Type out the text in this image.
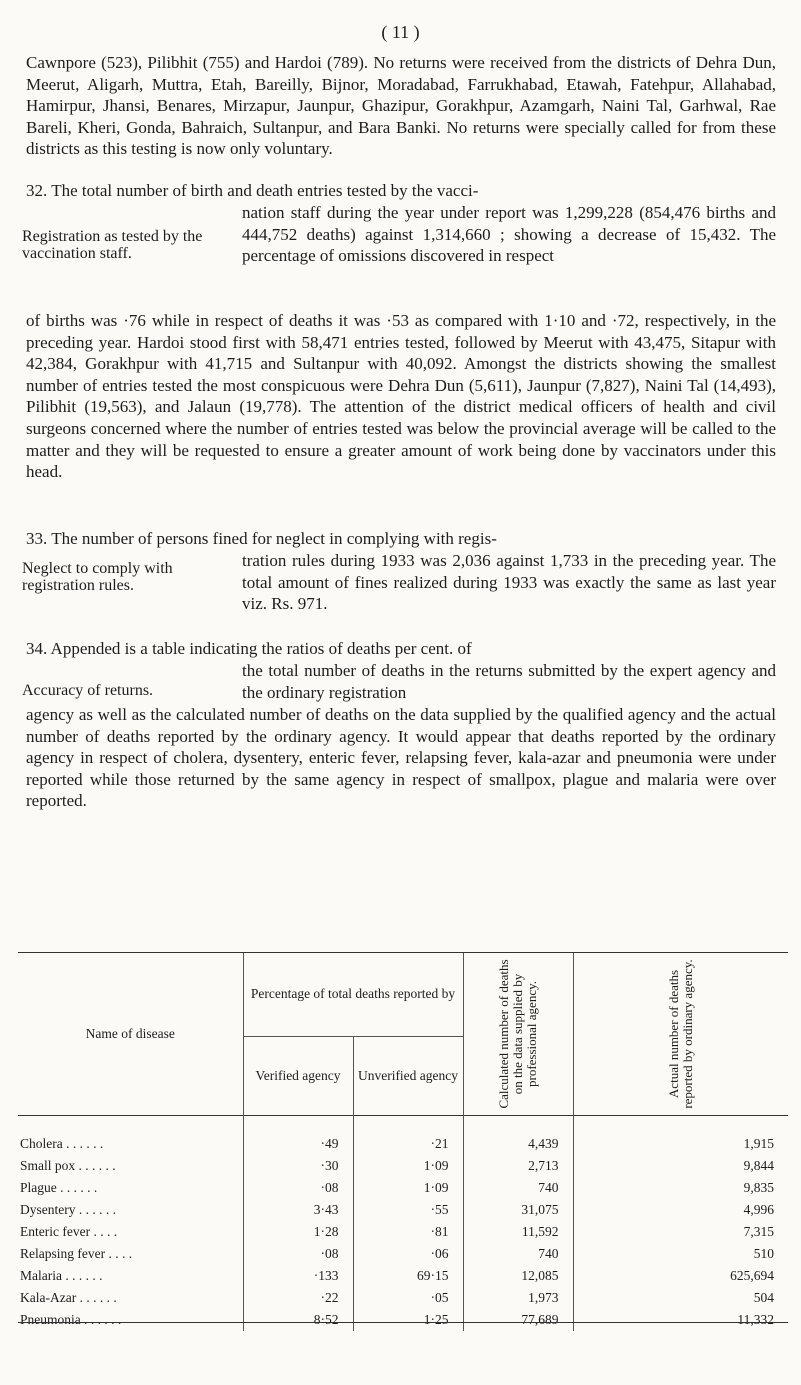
( 11 )

Cawnpore (523), Pilibhit (755) and Hardoi (789). No returns were received from the districts of Dehra Dun, Meerut, Aligarh, Muttra, Etah, Bareilly, Bijnor, Moradabad, Farrukhabad, Etawah, Fatehpur, Allahabad, Hamirpur, Jhansi, Benares, Mirzapur, Jaunpur, Ghazipur, Gorakhpur, Azamgarh, Naini Tal, Garhwal, Rae Bareli, Kheri, Gonda, Bahraich, Sultanpur, and Bara Banki. No returns were specially called for from these districts as this testing is now only voluntary.

32. The total number of birth and death entries tested by the vacci-
Registration as tested by the vaccination staff.
nation staff during the year under report was 1,299,228 (854,476 births and 444,752 deaths) against 1,314,660 ; showing a decrease of 15,432. The percentage of omissions discovered in respect
of births was ·76 while in respect of deaths it was ·53 as compared with 1·10 and ·72, respectively, in the preceding year. Hardoi stood first with 58,471 entries tested, followed by Meerut with 43,475, Sitapur with 42,384, Gorakhpur with 41,715 and Sultanpur with 40,092. Amongst the districts showing the smallest number of entries tested the most conspicuous were Dehra Dun (5,611), Jaunpur (7,827), Naini Tal (14,493), Pilibhit (19,563), and Jalaun (19,778). The attention of the district medical officers of health and civil surgeons concerned where the number of entries tested was below the provincial average will be called to the matter and they will be requested to ensure a greater amount of work being done by vaccinators under this head.
33. The number of persons fined for neglect in complying with regis-
Neglect to comply with registration rules.
tration rules during 1933 was 2,036 against 1,733 in the preceding year. The total amount of fines realized during 1933 was exactly the same as last year viz. Rs. 971.
34. Appended is a table indicating the ratios of deaths per cent. of
Accuracy of returns.
the total number of deaths in the returns submitted by the expert agency and the ordinary registration
agency as well as the calculated number of deaths on the data supplied by the qualified agency and the actual number of deaths reported by the ordinary agency. It would appear that deaths reported by the ordinary agency in respect of cholera, dysentery, enteric fever, relapsing fever, kala-azar and pneumonia were under reported while those returned by the same agency in respect of smallpox, plague and malaria were over reported.
Name of disease	Percentage of total deaths reported by		Calculated number of deaths on the data supplied by professional agency.	Actual number of deaths reported by ordinary agency.

	Verified agency	Unverified agency		
Cholera . . . . . .	·49	·21	4,439	1,915
Small pox . . . . . .	·30	1·09	2,713	9,844
Plague . . . . . .	·08	1·09	740	9,835
Dysentery . . . . . .	3·43	·55	31,075	4,996
Enteric fever . . . .	1·28	·81	11,592	7,315
Relapsing fever . . . .	·08	·06	740	510
Malaria . . . . . .	·133	69·15	12,085	625,694
Kala-Azar . . . . . .	·22	·05	1,973	504
Pneumonia . . . . . .	8·52	1·25	77,689	11,332
